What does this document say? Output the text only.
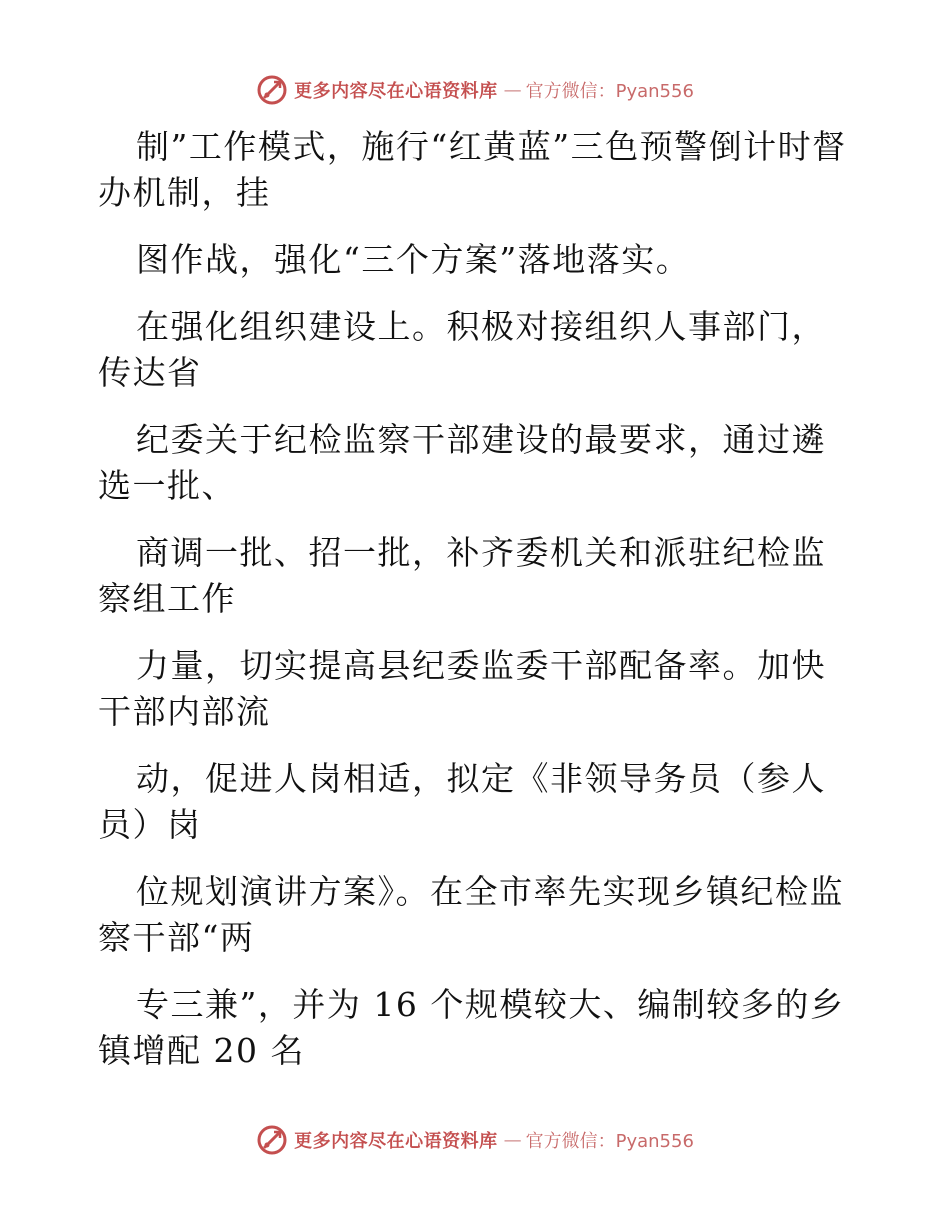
更多内容尽在心语资料库 — 官方微信：Pyan556

制”工作模式，施行“红黄蓝”三色预警倒计时督办机制，挂

图作战，强化“三个方案”落地落实。

在强化组织建设上。积极对接组织人事部门，传达省

纪委关于纪检监察干部建设的最要求，通过遴选一批、

商调一批、招一批，补齐委机关和派驻纪检监察组工作

力量，切实提高县纪委监委干部配备率。加快干部内部流

动，促进人岗相适，拟定《非领导务员（参人员）岗

位规划演讲方案》。在全市率先实现乡镇纪检监察干部“两

专三兼”，并为 16 个规模较大、编制较多的乡镇增配 20 名

更多内容尽在心语资料库 — 官方微信：Pyan556
